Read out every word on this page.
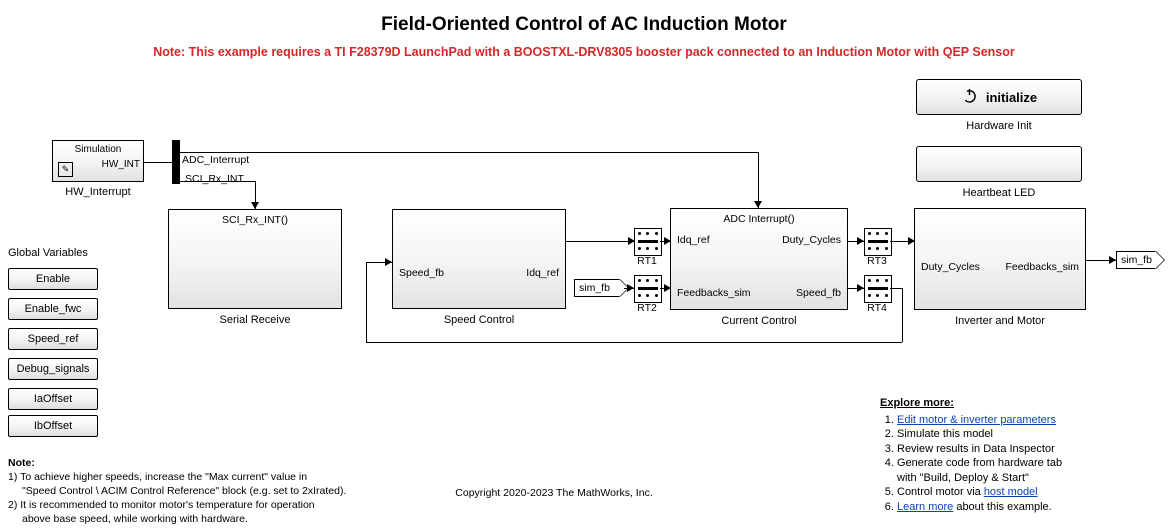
Field-Oriented Control of AC Induction Motor
Note: This example requires a TI F28379D LaunchPad with a BOOSTXL-DRV8305 booster pack connected to an Induction Motor with QEP Sensor
Simulation
HW_INT
✎
HW_Interrupt
ADC_Interrupt
SCI_Rx_INT
SCI_Rx_INT()
Serial Receive
Speed_fb	Idq_ref
Speed Control
ADC Interrupt()
Idq_ref
Feedbacks_sim
Duty_Cycles
Speed_fb
Current Control
Duty_Cycles Feedbacks_sim
Inverter and Motor
RT1
RT2
RT3
RT4
sim_fb
sim_fb
Global Variables
Enable
Enable_fwc
Speed_ref
Debug_signals
IaOffset
IbOffset
initialize
Hardware Init
Heartbeat LED
Explore more:
1. Edit motor & inverter parameters
2. Simulate this model
3. Review results in Data Inspector
4. Generate code from hardware tab
with "Build, Deploy & Start"
5. Control motor via host model
6. Learn more about this example.
Note:
1) To achieve higher speeds, increase the "Max current" value in
"Speed Control \ ACIM Control Reference" block (e.g. set to 2xIrated).
2) It is recommended to monitor motor's temperature for operation
above base speed, while working with hardware.
Copyright 2020-2023 The MathWorks, Inc.
